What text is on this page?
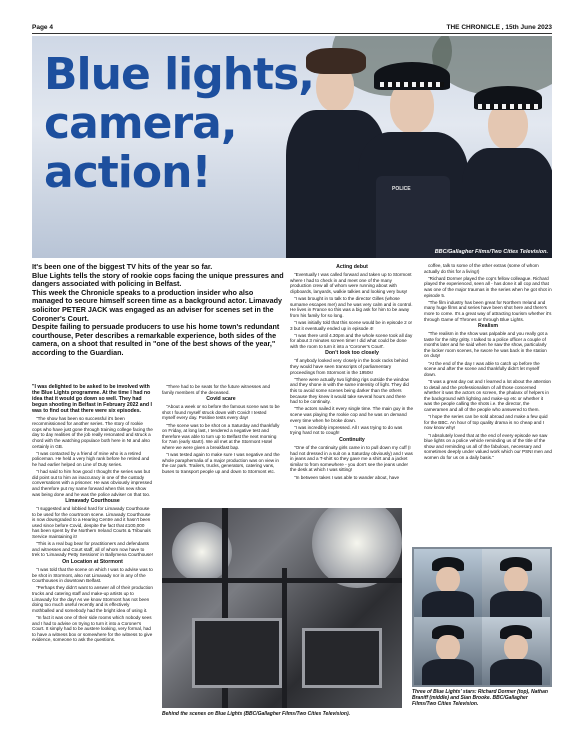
Page 4	THE CHRONICLE , 15th June 2023
POLICE
Blue lights, camera, action!
BBC/Gallagher Films/Two Cities Television.

It's been one of the biggest TV hits of the year so far.

Blue Lights tells the story of rookie cops facing the unique pressures and dangers associated with policing in Belfast.

This week the Chronicle speaks to a production insider who also managed to secure himself screen time as a background actor. Limavady solicitor PETER JACK was engaged as an adviser for scenes set in the Coroner's Court.

Despite failing to persuade producers to use his home town's redundant courthouse, Peter describes a remarkable experience, both sides of the camera, on a shoot that resulted in "one of the best shows of the year," according to the Guardian.

"I was delighted to be asked to be involved with the Blue Lights programme. At the time I had no idea that it would go down so well. They had begun shooting in Belfast in February 2022 and I was to find out that there were six episodes.

"The show has been so successful it's been recommissioned for another series. The story of rookie cops who have just gone through training college facing the day to day realities of the job really resonated and struck a chord with the watching populace both here in NI and also certainly in GB.

"I was contacted by a friend of mine who is a retired policeman. He held a very high rank before he retired and he had earlier helped on Line of Duty series.

"I had said to him how good I thought the series was but did point out to him an inaccuracy in one of the custody conversations with a prisoner. He was obviously impressed and therefore put my name forward when this new show was being done and he was the police adviser on that too.

Limavady Courthouse

"I suggested and lobbied hard for Limavady Courthouse to be used for the courtroom scene. Limavady Courthouse is now downgraded to a Hearing Centre and it hasn't been used since before Covid, despite the fact that £100,000 has been spent by the Northern Ireland Courts & Tribunals Service maintaining it!

"This is a real bug bear for practitioners and defendants and witnesses and Court staff, all of whom now have to trek to 'Limavady Petty Sessions' in Ballymena Courthouse!

On Location at Stormont

"I was told that the scene on which I was to advise was to be shot in Stormont, also not Limavady nor in any of the Courthouses in downtown Belfast.

"Perhaps they didn't want to answer all of their production trucks and catering staff and make-up artists up to Limavady for the day! As we know Stormont has not been doing too much useful recently and is effectively mothballed and somebody had the bright idea of using it.

"In fact it was one of their side rooms which nobody sees and I had to advise on trying to turn it into a Coroner's Court. It simply had to be austere looking, very formal, had to have a witness box or somewhere for the witness to give evidence, someone to ask the questions.

"There had to be seats for the future witnesses and family members of the deceased.

Covid scare

"About a week or so before the famous scene was to be shot I found myself struck down with Covid! I tested myself every day. Positive tests every day!

"The scene was to be shot on a Saturday and thankfully on Friday, at long last, I tendered a negative test and therefore was able to turn up to Belfast the next morning for 7am (early start!). We all met at the Stormont Hotel where we were given a breakfast bap.

"I was tested again to make sure I was negative and the whole paraphernalia of a major production was on view in the car park. Trailers, trucks, generators, catering vans, buses to transport people up and down to Stormont etc.

Acting debut

"Eventually I was called forward and taken up to Stormont where I had to check in and meet one of the many production crew all of whom were running about with clipboards, lanyards, walkie talkies and looking very busy!

"I was brought in to talk to the director Gilles (whose surname escapes me!) and he was very calm and in control. He lives in France so this was a big ask for him to be away from his family for so long.

"I was initially told that this scene would be in episode 2 or 3 but it eventually ended up in episode 4!

"I was there until 4.30pm and the whole scene took all day for about 3 minutes screen time! I did what could be done with the room to turn it into a 'Coroner's Court'.

Don't look too closely

"If anybody looked very closely in the book racks behind they would have seen transcripts of parliamentary proceedings from Stormont in the 1950s!

"There were actually two lighting rigs outside the window and they shone in with the same intensity of light. They did this to avoid some scenes being darker than the others because they knew it would take several hours and there had to be continuity.

"The actors nailed it every single time. The main guy in the scene was playing the rookie cop and he was on demand every time when he broke down.

"I was incredibly impressed. All I was trying to do was trying hard not to cough!

Continuity

"One of the continuity girls came in to pull down my cuff (I had not dressed in a suit on a Saturday obviously) and I was in jeans and a T-shirt so they gave me a shirt and a jacket similar to from somewhere - you don't see the jeans under the desk at which I was sitting!

"In between takes I was able to wander about, have

coffee, talk to some of the other extras (some of whom actually do this for a living!)

"Richard Dormer played the cop's fellow colleague. Richard played the experienced, seen all - has done it all cop and that was one of the major traumas in the series when he got shot in episode 5.

"The film industry has been great for Northern Ireland and many huge films and series have been shot here and there's more to come. It's a great way of attracting tourism whether it's through Game of Thrones or through Blue Lights.

Realism

"The realism in the show was palpable and you really got a taste for the nitty gritty. I talked to a police officer a couple of months later and he said when he saw the show, particularly the locker room scenes, he swore he was back in the station on duty!

"At the end of the day I was able to catch up before the scene and after the scene and thankfully didn't let myself down.

"It was a great day out and I learned a lot about the attention to detail and the professionalism of all those concerned whether it was the actors on screen, the phalanx of helpers in the background with lighting and make-up etc or whether it was the people calling the shots i.e. the director, the cameramen and all of the people who answered to them.

"I hope the series can be sold abroad and make a few quid for the BBC. An hour of top quality drama is no cheap and I now know why!

"I absolutely loved that at the end of every episode we saw blue lights on a police vehicle reminding us of the title of the show and reminding us all of the fabulous, necessary and sometimes deeply under valued work which our PSNI men and women do for us on a daily basis."

Behind the scenes on Blue Lights (BBC/Gallagher Films/Two Cities Television).
Three of Blue Lights' stars: Richard Dormer (top), Nathan Braniff (middle) and Sian Brooke. BBC/Gallagher Films/Two Cities Television.
